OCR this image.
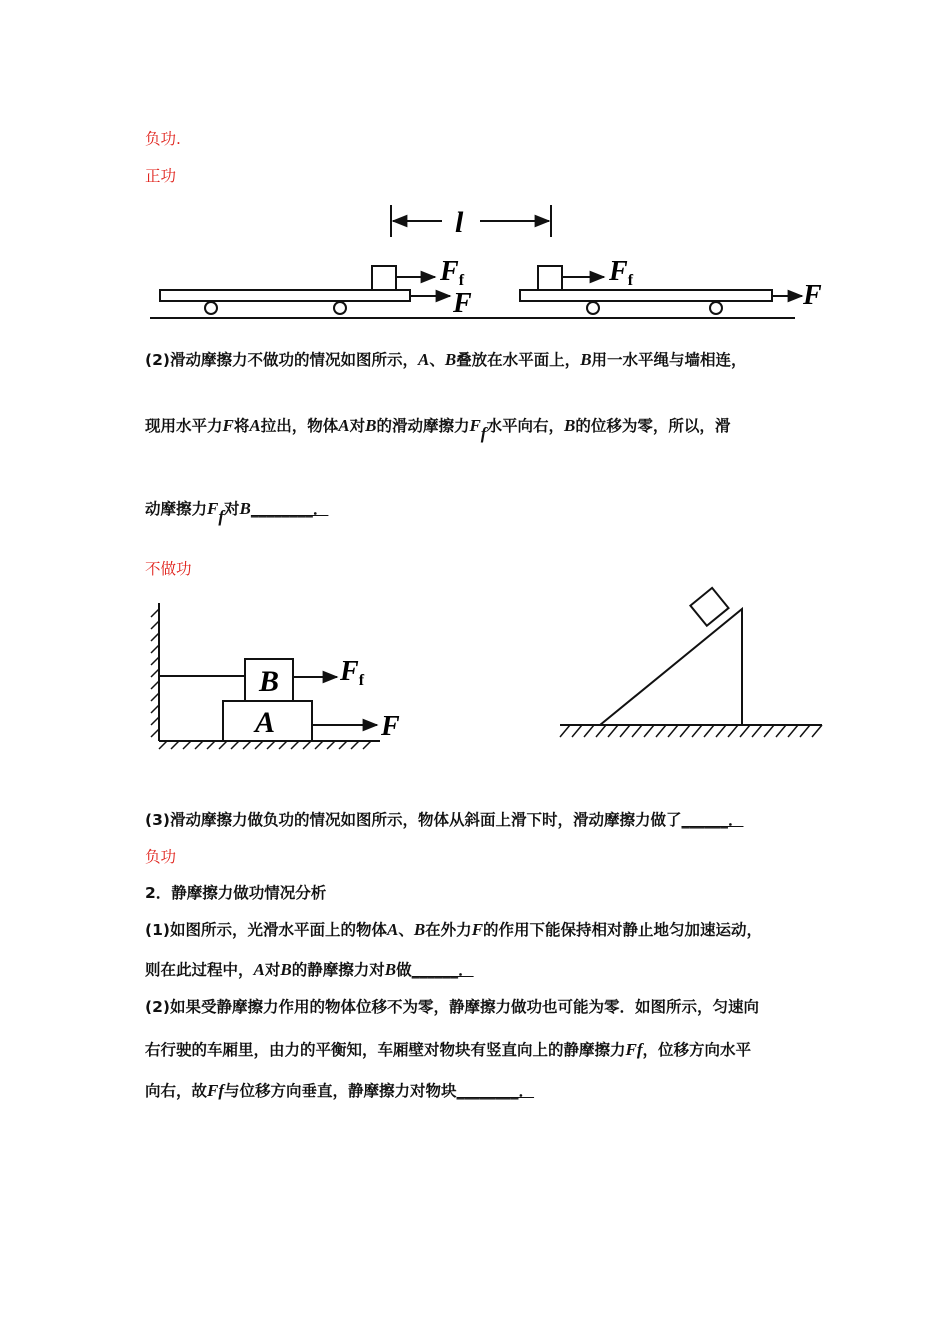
负功.
正功
l
Ff
F
Ff	F
(2)滑动摩擦力不做功的情况如图所示，A、B叠放在水平面上，B用一水平绳与墙相连，
现用水平力F将A拉出，物体A对B的滑动摩擦力Ff水平向右，B的位移为零，所以，滑
动摩擦力Ff对B________．
不做功
A
B Ff
F
(3)滑动摩擦力做负功的情况如图所示，物体从斜面上滑下时，滑动摩擦力做了______．
负功
2．静摩擦力做功情况分析
(1)如图所示，光滑水平面上的物体A、B在外力F的作用下能保持相对静止地匀加速运动，
则在此过程中，A对B的静摩擦力对B做______．
(2)如果受静摩擦力作用的物体位移不为零，静摩擦力做功也可能为零．如图所示，匀速向
右行驶的车厢里，由力的平衡知，车厢壁对物块有竖直向上的静摩擦力Ff，位移方向水平
向右，故Ff与位移方向垂直，静摩擦力对物块________．
